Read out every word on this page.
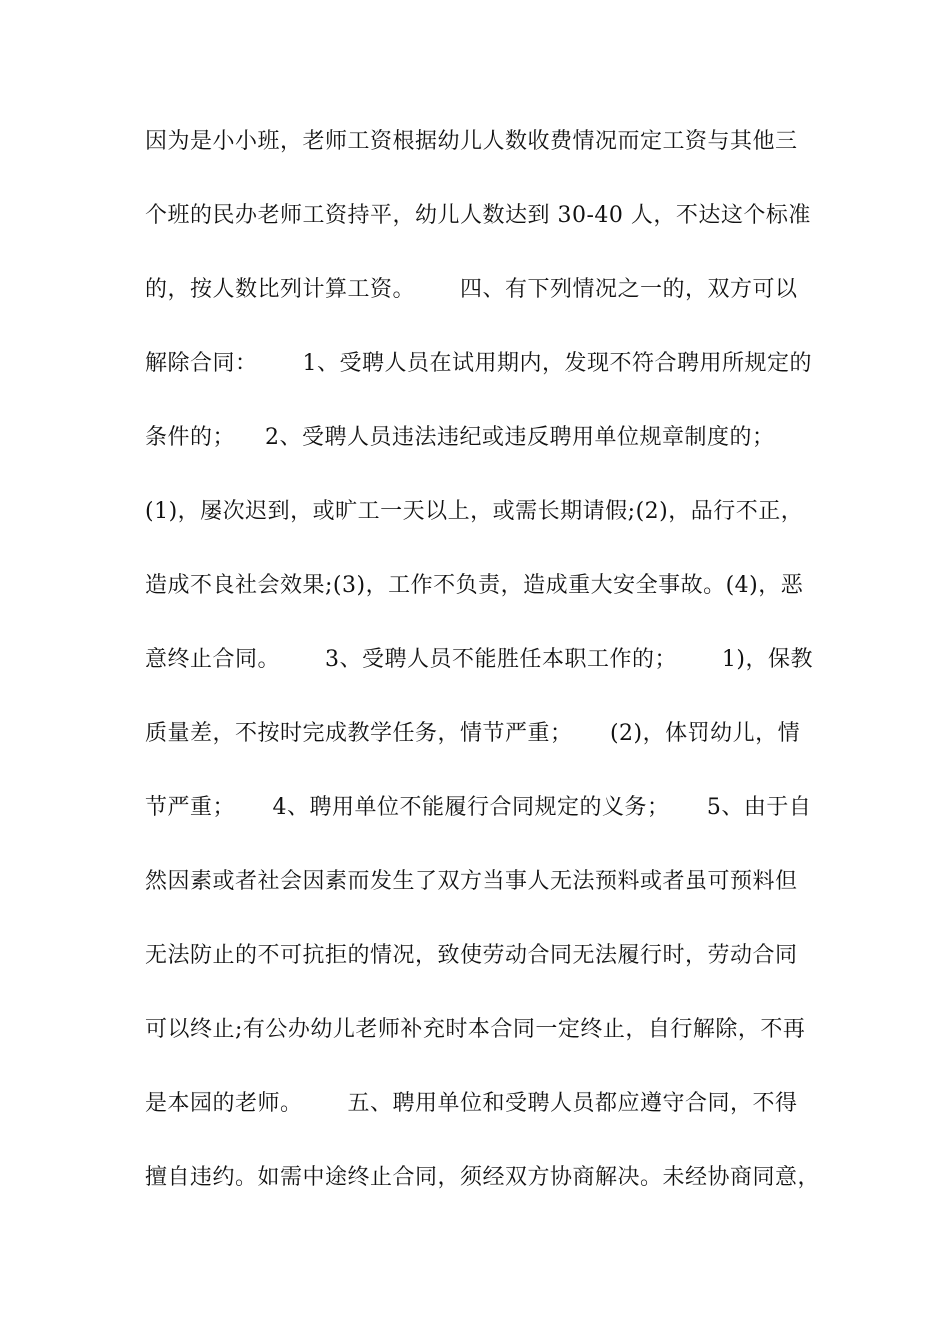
因为是小小班，老师工资根据幼儿人数收费情况而定工资与其他三
个班的民办老师工资持平，幼儿人数达到 30-40 人，不达这个标准
的，按人数比列计算工资。      四、有下列情况之一的，双方可以
解除合同：      1、受聘人员在试用期内，发现不符合聘用所规定的
条件的；    2、受聘人员违法违纪或违反聘用单位规章制度的；
(1)，屡次迟到，或旷工一天以上，或需长期请假;(2)，品行不正，
造成不良社会效果;(3)，工作不负责，造成重大安全事故。(4)，恶
意终止合同。      3、受聘人员不能胜任本职工作的；      1)，保教
质量差，不按时完成教学任务，情节严重；     (2)，体罚幼儿，情
节严重；     4、聘用单位不能履行合同规定的义务；     5、由于自
然因素或者社会因素而发生了双方当事人无法预料或者虽可预料但
无法防止的不可抗拒的情况，致使劳动合同无法履行时，劳动合同
可以终止;有公办幼儿老师补充时本合同一定终止，自行解除，不再
是本园的老师。      五、聘用单位和受聘人员都应遵守合同，不得
擅自违约。如需中途终止合同，须经双方协商解决。未经协商同意，
